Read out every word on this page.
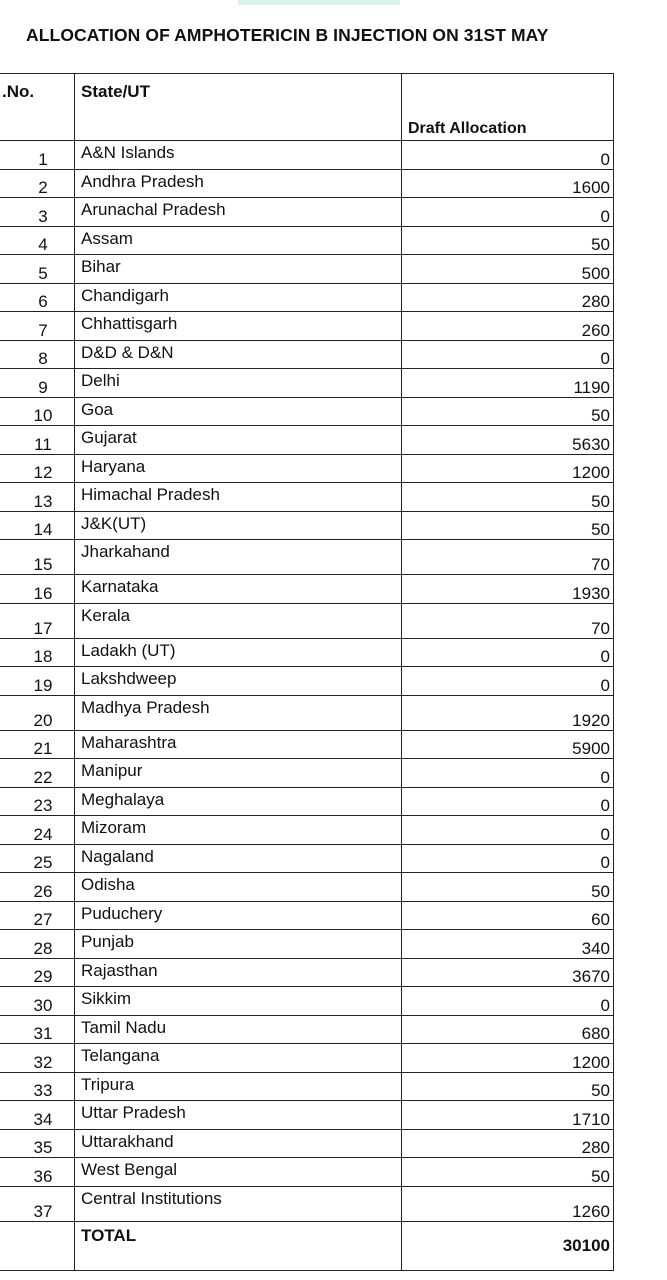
ALLOCATION OF AMPHOTERICIN B INJECTION ON 31ST MAY
.No.	State/UT	Draft Allocation
1	A&N Islands	0
2	Andhra Pradesh	1600
3	Arunachal Pradesh	0
4	Assam	50
5	Bihar	500
6	Chandigarh	280
7	Chhattisgarh	260
8	D&D & D&N	0
9	Delhi	1190
10	Goa	50
11	Gujarat	5630
12	Haryana	1200
13	Himachal Pradesh	50
14	J&K(UT)	50
15	Jharkahand	70
16	Karnataka	1930
17	Kerala	70
18	Ladakh (UT)	0
19	Lakshdweep	0
20	Madhya Pradesh	1920
21	Maharashtra	5900
22	Manipur	0
23	Meghalaya	0
24	Mizoram	0
25	Nagaland	0
26	Odisha	50
27	Puduchery	60
28	Punjab	340
29	Rajasthan	3670
30	Sikkim	0
31	Tamil Nadu	680
32	Telangana	1200
33	Tripura	50
34	Uttar Pradesh	1710
35	Uttarakhand	280
36	West Bengal	50
37	Central Institutions	1260
	TOTAL	30100
